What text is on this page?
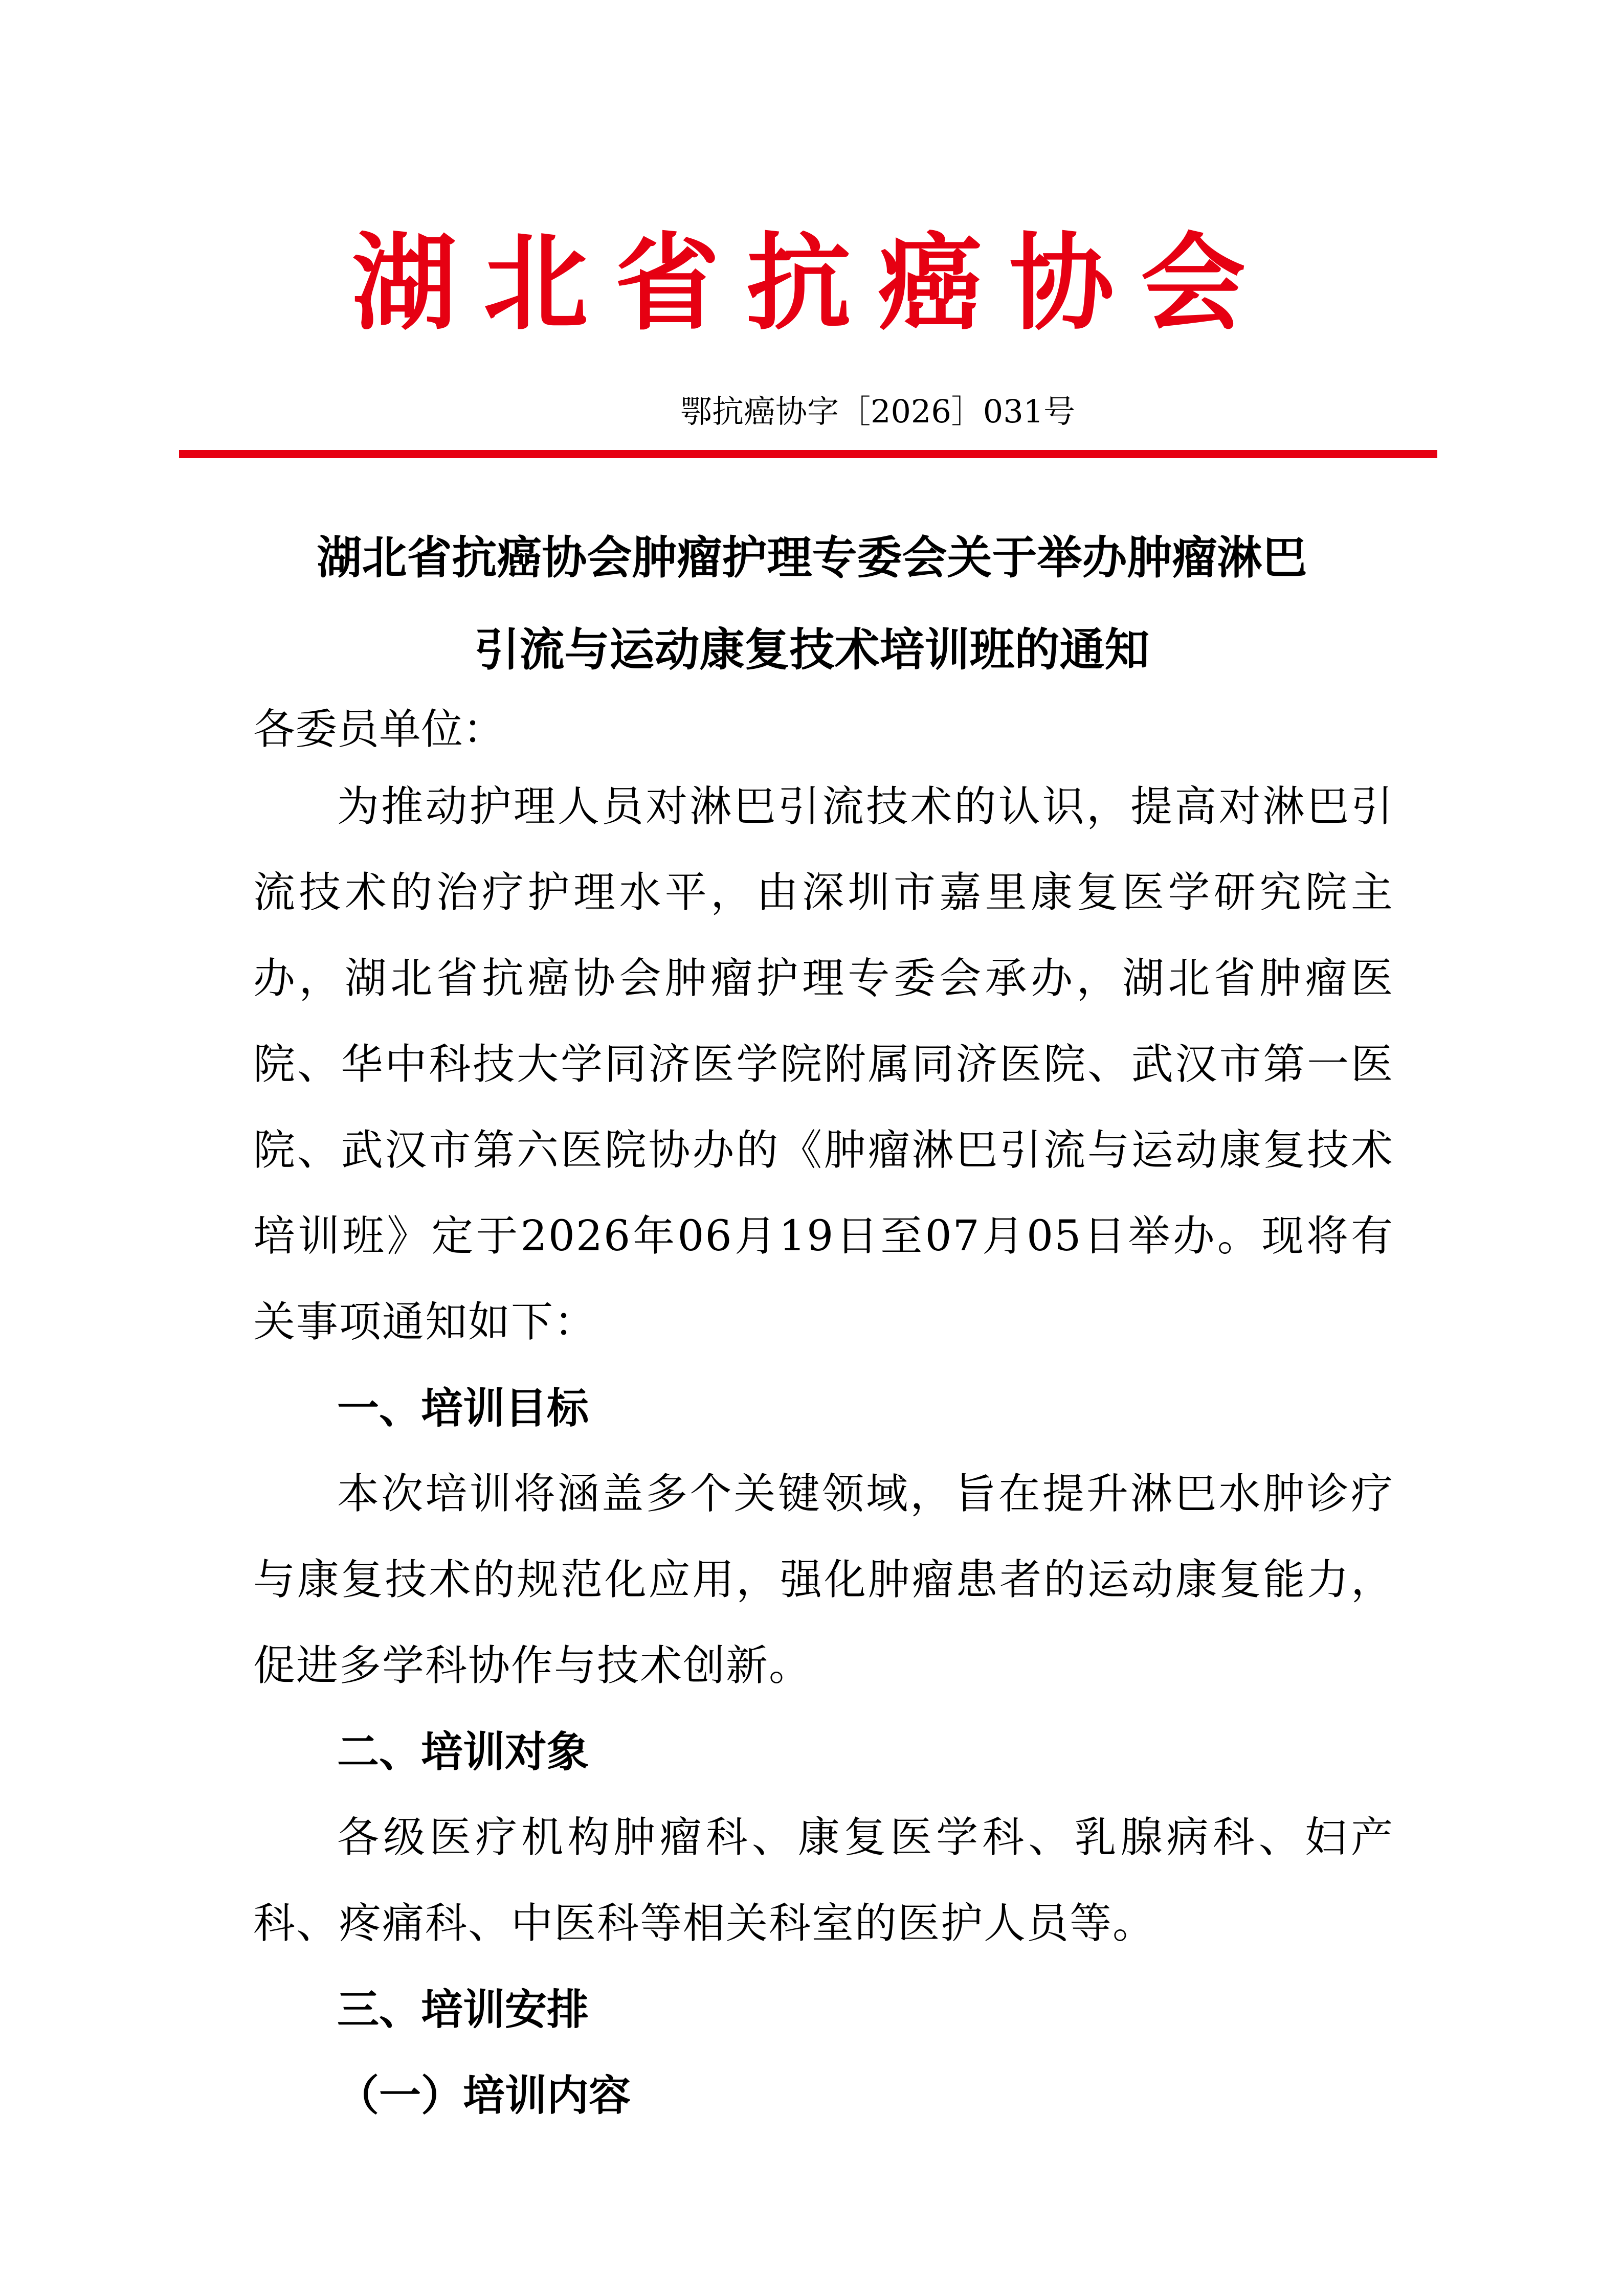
湖北省抗癌协会
鄂抗癌协字［2026］031号
湖北省抗癌协会肿瘤护理专委会关于举办肿瘤淋巴
引流与运动康复技术培训班的通知

各委员单位：

为推动护理人员对淋巴引流技术的认识，提高对淋巴引流技术的治疗护理水平，由深圳市嘉里康复医学研究院主办，湖北省抗癌协会肿瘤护理专委会承办，湖北省肿瘤医院、华中科技大学同济医学院附属同济医院、武汉市第一医院、武汉市第六医院协办的《肿瘤淋巴引流与运动康复技术培训班》定于2026年06月19日至07月05日举办。现将有关事项通知如下：

一、培训目标

本次培训将涵盖多个关键领域，旨在提升淋巴水肿诊疗与康复技术的规范化应用，强化肿瘤患者的运动康复能力，促进多学科协作与技术创新。

二、培训对象

各级医疗机构肿瘤科、康复医学科、乳腺病科、妇产科、疼痛科、中医科等相关科室的医护人员等。

三、培训安排

（一）培训内容
